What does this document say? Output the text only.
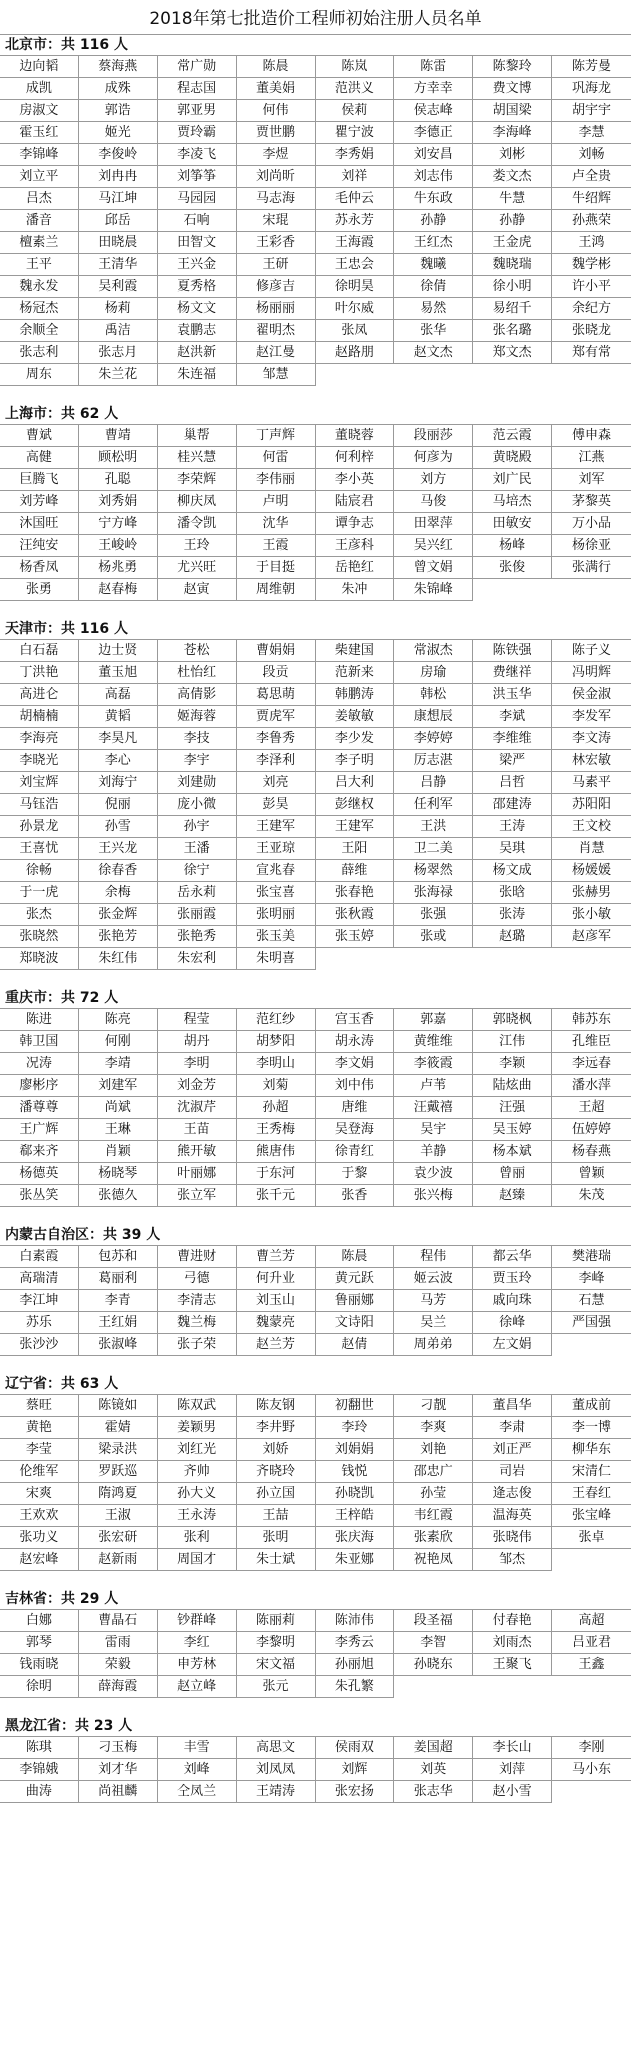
2018年第七批造价工程师初始注册人员名单
北京市：共 116 人
边向韬	蔡海燕	常广勋	陈晨	陈岚	陈雷	陈黎玲	陈芳曼
成凯	成殊	程志国	董美娟	范洪义	方幸幸	费文博	巩海龙
房淑文	郭诰	郭亚男	何伟	侯莉	侯志峰	胡国梁	胡宇宇
霍玉红	姬光	贾玲霸	贾世鹏	瞿宁波	李德正	李海峰	李慧
李锦峰	李俊岭	李凌飞	李煜	李秀娟	刘安昌	刘彬	刘畅
刘立平	刘冉冉	刘筝筝	刘尚昕	刘祥	刘志伟	娄文杰	卢全贵
吕杰	马江坤	马园园	马志海	毛仲云	牛东政	牛慧	牛绍辉
潘音	邱岳	石响	宋琨	苏永芳	孙静	孙静	孙燕荣
檀素兰	田晓晨	田智文	王彩香	王海霞	王红杰	王金虎	王鸿
王平	王清华	王兴金	王研	王忠会	魏曦	魏晓瑞	魏学彬
魏永发	吴利霞	夏秀格	修彦吉	徐明昊	徐倩	徐小明	许小平
杨冠杰	杨莉	杨文文	杨丽丽	叶尔威	易然	易绍千	余纪方
余顺全	禹洁	袁鹏志	翟明杰	张凤	张华	张名璐	张晓龙
张志利	张志月	赵洪新	赵江曼	赵路朋	赵文杰	郑文杰	郑有常
周东	朱兰花	朱连福	邹慧
上海市：共 62 人
曹斌	曹靖	巢帮	丁声辉	董晓蓉	段丽莎	范云霞	傅申森
高健	顾松明	桂兴慧	何雷	何利梓	何彦为	黄晓殿	江燕
巨腾飞	孔聪	李荣辉	李伟丽	李小英	刘方	刘广民	刘军
刘芳峰	刘秀娟	柳庆凤	卢明	陆宸君	马俊	马培杰	茅黎英
沐国旺	宁方峰	潘令凯	沈华	谭争志	田翠萍	田敏安	万小品
汪纯安	王峻岭	王玲	王霞	王彦科	吴兴红	杨峰	杨徐亚
杨香凤	杨兆勇	尤兴旺	于目挺	岳艳红	曾文娟	张俊	张满行
张勇	赵春梅	赵寅	周维朝	朱冲	朱锦峰
天津市：共 116 人
白石磊	边士贤	苍松	曹娟娟	柴建国	常淑杰	陈铁强	陈子义
丁洪艳	董玉旭	杜怡红	段贡	范新来	房瑜	费继祥	冯明辉
高进仑	高磊	高倩影	葛思萌	韩鹏涛	韩松	洪玉华	侯金淑
胡楠楠	黄韬	姬海蓉	贾虎军	姜敏敏	康想辰	李斌	李发军
李海亮	李昊凡	李技	李鲁秀	李少发	李婷婷	李维维	李文涛
李晓光	李心	李宇	李泽利	李子明	厉志湛	梁严	林宏敏
刘宝辉	刘海宁	刘建勋	刘亮	吕大利	吕静	吕哲	马素平
马钰浩	倪丽	庞小微	彭昊	彭继权	任利军	邵建涛	苏阳阳
孙景龙	孙雪	孙宇	王建军	王建军	王洪	王涛	王文校
王喜忧	王兴龙	王潘	王亚琼	王阳	卫二美	吴琪	肖慧
徐畅	徐春香	徐宁	宣兆春	薛维	杨翠然	杨文成	杨媛媛
于一虎	余梅	岳永莉	张宝喜	张春艳	张海禄	张晗	张赫男
张杰	张金辉	张丽霞	张明丽	张秋霞	张强	张涛	张小敏
张晓然	张艳芳	张艳秀	张玉美	张玉婷	张或	赵璐	赵彦军
郑晓波	朱红伟	朱宏利	朱明喜
重庆市：共 72 人
陈进	陈亮	程莹	范红纱	宫玉香	郭嘉	郭晓枫	韩苏东
韩卫国	何刚	胡丹	胡梦阳	胡永涛	黄维维	江伟	孔维臣
况涛	李靖	李明	李明山	李文娟	李筱霞	李颖	李远春
廖彬序	刘建军	刘金芳	刘菊	刘中伟	卢苇	陆炫曲	潘水萍
潘尊尊	尚斌	沈淑芹	孙超	唐维	汪戴禧	汪强	王超
王广辉	王琳	王苗	王秀梅	吴登海	吴宇	吴玉婷	伍婷婷
郗来齐	肖颖	熊开敏	熊唐伟	徐青红	羊静	杨本斌	杨春燕
杨德英	杨晓琴	叶丽娜	于东河	于黎	袁少波	曾丽	曾颖
张丛笑	张德久	张立军	张千元	张香	张兴梅	赵臻	朱茂
内蒙古自治区：共 39 人
白素霞	包苏和	曹进财	曹兰芳	陈晨	程伟	都云华	樊港瑞
高瑞清	葛丽利	弓德	何升业	黄元跃	姬云波	贾玉玲	李峰
李江坤	李青	李清志	刘玉山	鲁丽娜	马芳	戚向珠	石慧
苏乐	王红娟	魏兰梅	魏蒙亮	文诗阳	吴兰	徐峰	严国强
张沙沙	张淑峰	张子荣	赵兰芳	赵倩	周弟弟	左文娟
辽宁省：共 63 人
蔡旺	陈镜如	陈双武	陈友钢	初翻世	刁靓	董昌华	董成前
黄艳	霍婧	姜颖男	李井野	李玲	李爽	李肃	李一博
李莹	梁录洪	刘红光	刘娇	刘娟娟	刘艳	刘正严	柳华东
伦维军	罗跃巡	齐帅	齐晓玲	钱悦	邵忠广	司岩	宋清仁
宋爽	隋鸿夏	孙大义	孙立国	孙晓凯	孙莹	逄志俊	王春红
王欢欢	王淑	王永涛	王喆	王梓皓	韦红霞	温海英	张宝峰
张功义	张宏研	张利	张明	张庆海	张素欣	张晓伟	张卓
赵宏峰	赵新雨	周国才	朱士斌	朱亚娜	祝艳凤	邹杰
吉林省：共 29 人
白娜	曹晶石	钞群峰	陈丽莉	陈沛伟	段圣福	付春艳	高超
郭琴	雷雨	李红	李黎明	李秀云	李智	刘雨杰	吕亚君
钱雨晓	荣毅	申芳林	宋文福	孙丽旭	孙晓东	王聚飞	王鑫
徐明	薛海霞	赵立峰	张元	朱孔繁
黑龙江省：共 23 人
陈琪	刁玉梅	丰雪	高思文	侯雨双	姜国超	李长山	李刚
李锦娥	刘才华	刘峰	刘凤凤	刘辉	刘英	刘萍	马小东
曲涛	尚祖麟	仝凤兰	王靖涛	张宏扬	张志华	赵小雪
